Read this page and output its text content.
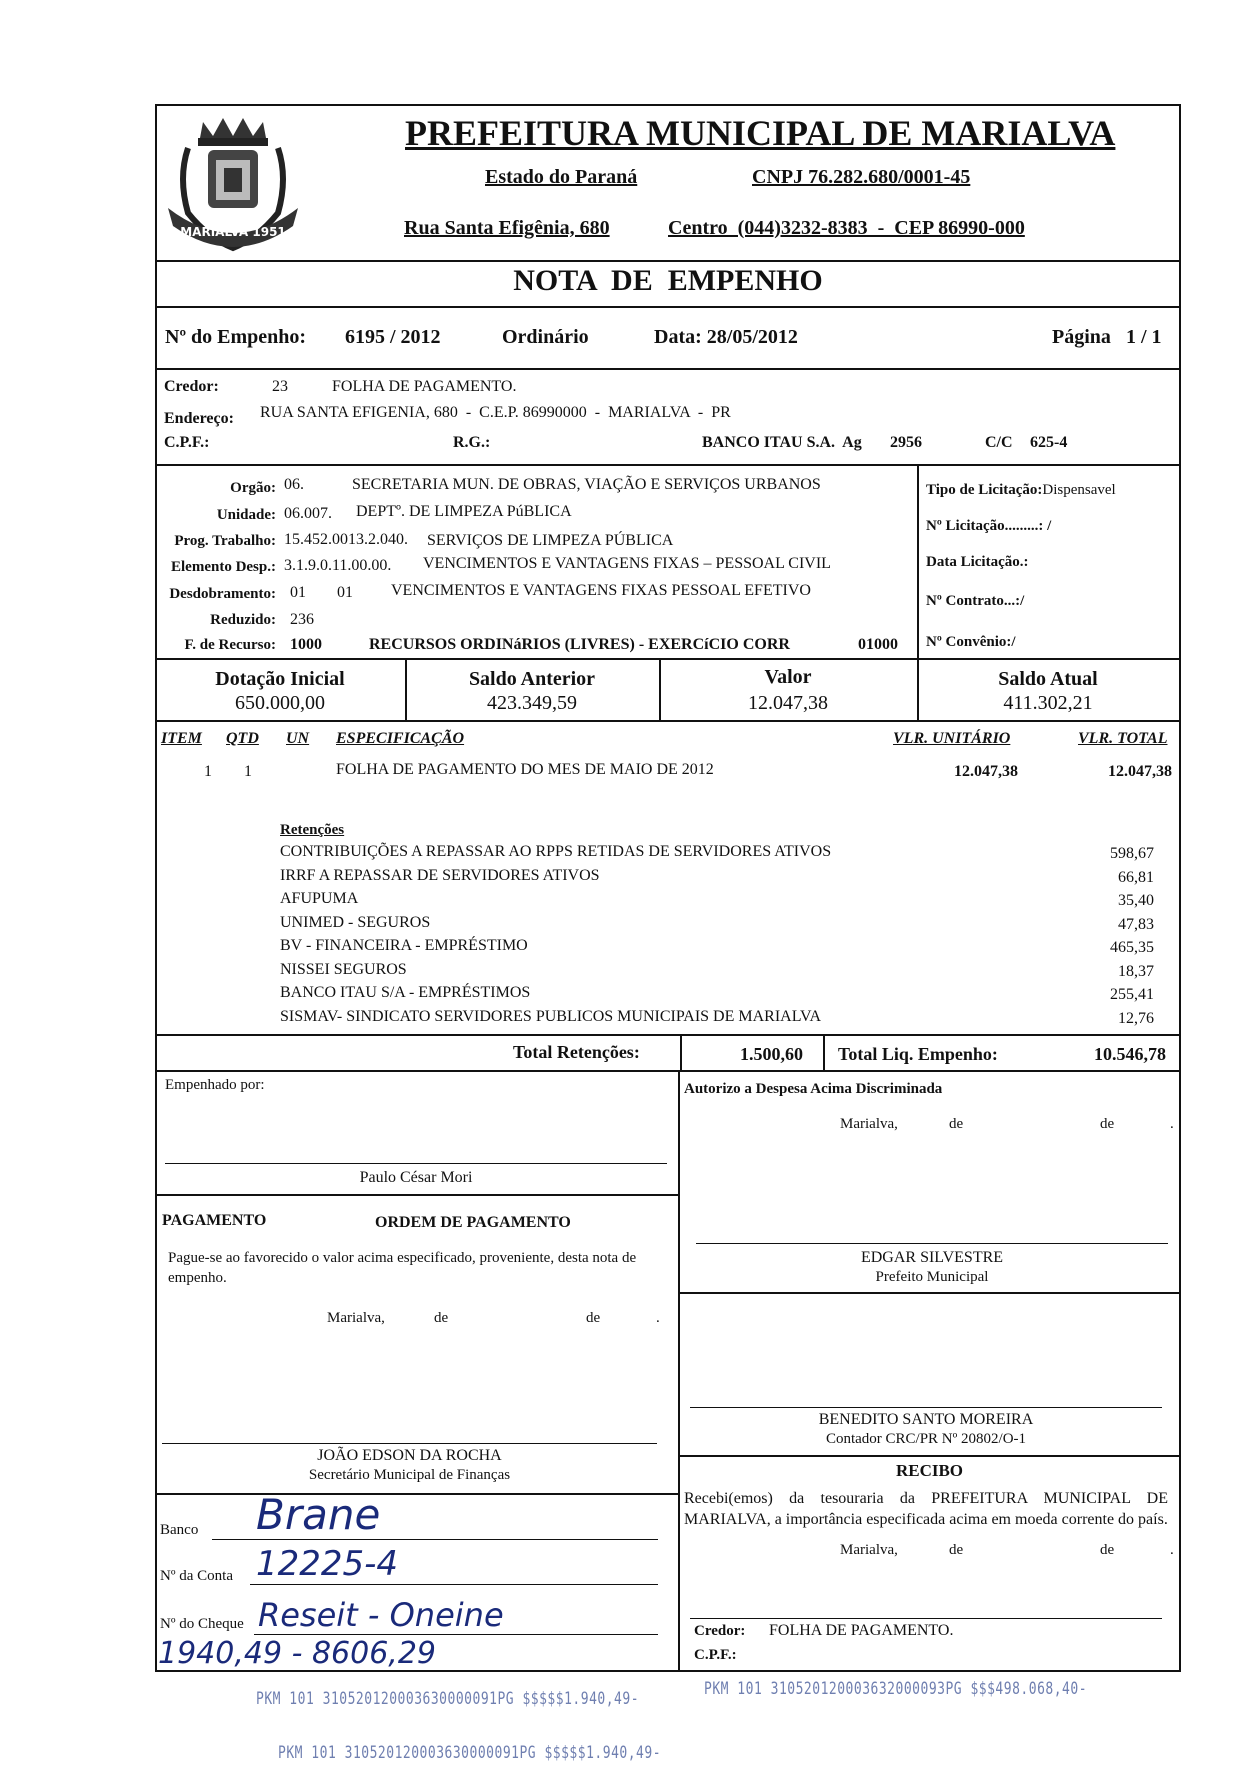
MARIALVA 1951
PREFEITURA MUNICIPAL DE MARIALVA
Estado do Paraná	CNPJ 76.282.680/0001-45
Rua Santa Efigênia, 680	Centro  (044)3232-8383  -  CEP 86990-000
NOTA  DE  EMPENHO
Nº do Empenho: 6195 / 2012	Ordinário	Data: 28/05/2012	Página 1 / 1
Credor:	23	FOLHA DE PAGAMENTO.
Endereço: RUA SANTA EFIGENIA, 680  -  C.E.P. 86990000  -  MARIALVA  -  PR
C.P.F.:	R.G.:	BANCO ITAU S.A.  Ag 2956	C/C 625-4
Orgão: 06.	SECRETARIA MUN. DE OBRAS, VIAÇÃO E SERVIÇOS URBANOS
Unidade: 06.007. DEPTº. DE LIMPEZA PúBLICA
Prog. Trabalho: 15.452.0013.2.040. SERVIÇOS DE LIMPEZA PÚBLICA
Elemento Desp.: 3.1.9.0.11.00.00. VENCIMENTOS E VANTAGENS FIXAS – PESSOAL CIVIL
Desdobramento: 01 01 VENCIMENTOS E VANTAGENS FIXAS PESSOAL EFETIVO
Reduzido: 236
F. de Recurso: 1000	RECURSOS ORDINáRIOS (LIVRES) - EXERCíCIO CORR	01000
Tipo de Licitação:Dispensavel
Nº Licitação.........: /
Data Licitação.:
Nº Contrato...:/
Nº Convênio:/
Dotação Inicial
650.000,00
Saldo Anterior
423.349,59
Valor
12.047,38
Saldo Atual
411.302,21
ITEM QTD UN ESPECIFICAÇÃO	VLR. UNITÁRIO	VLR. TOTAL
1 1	FOLHA DE PAGAMENTO DO MES DE MAIO DE 2012	12.047,38	12.047,38
Retenções
CONTRIBUIÇÕES A REPASSAR AO RPPS RETIDAS DE SERVIDORES ATIVOS	598,67
IRRF A REPASSAR DE SERVIDORES ATIVOS	66,81
AFUPUMA	35,40
UNIMED - SEGUROS	47,83
BV - FINANCEIRA - EMPRÉSTIMO	465,35
NISSEI SEGUROS	18,37
BANCO ITAU S/A - EMPRÉSTIMOS	255,41
SISMAV- SINDICATO SERVIDORES PUBLICOS MUNICIPAIS DE MARIALVA	12,76
Total Retenções:	1.500,60 Total Liq. Empenho:	10.546,78
Empenhado por:
Paulo César Mori
PAGAMENTO	ORDEM DE PAGAMENTO
Pague-se ao favorecido o valor acima especificado, proveniente, desta nota de empenho.
Marialva,	de	de	.
JOÃO EDSON DA ROCHA
Secretário Municipal de Finanças
Banco Brane
Nº da Conta 12225-4
Nº do Cheque Reseit - Oneine
1940,49 - 8606,29
Autorizo a Despesa Acima Discriminada
Marialva,	de	de	.
EDGAR SILVESTRE
Prefeito Municipal
BENEDITO SANTO MOREIRA
Contador CRC/PR Nº 20802/O-1
RECIBO
Recebi(emos) da tesouraria da PREFEITURA MUNICIPAL DE MARIALVA, a importância especificada acima em moeda corrente do país.
Marialva,	de	de	.
Credor: FOLHA DE PAGAMENTO.
C.P.F.:
PKM 101 310520120003630000091PG $$$$$1.940,49-
PKM 101 310520120003632000093PG $$$498.068,40-
PKM 101 310520120003630000091PG $$$$$1.940,49-
